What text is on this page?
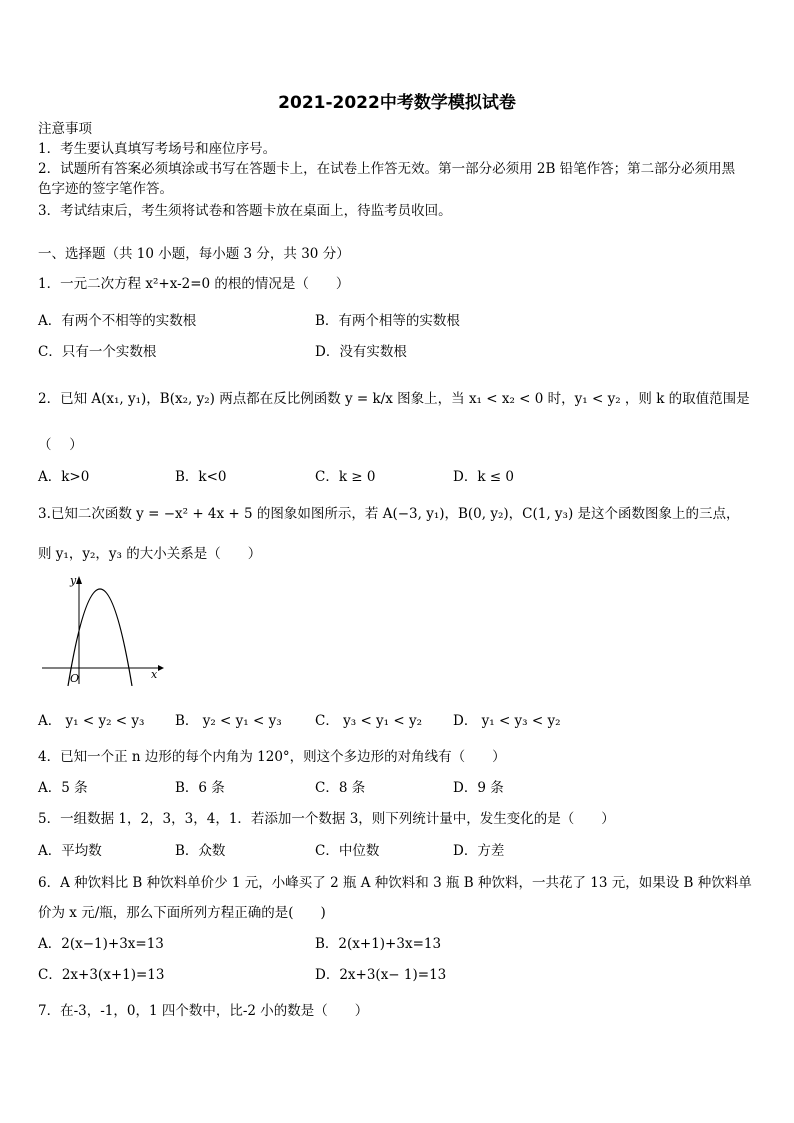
2021-2022中考数学模拟试卷
注意事项
1．考生要认真填写考场号和座位序号。
2．试题所有答案必须填涂或书写在答题卡上，在试卷上作答无效。第一部分必须用 2B 铅笔作答；第二部分必须用黑
色字迹的签字笔作答。
3．考试结束后，考生须将试卷和答题卡放在桌面上，待监考员收回。
一、选择题（共 10 小题，每小题 3 分，共 30 分）
1．一元二次方程 x²+x-2=0 的根的情况是（　　）
A．有两个不相等的实数根	B．有两个相等的实数根
C．只有一个实数根	D．没有实数根
2．已知 A(x₁, y₁)，B(x₂, y₂) 两点都在反比例函数 y = k/x 图象上，当 x₁ < x₂ < 0 时，y₁ < y₂ ，则 k 的取值范围是
（　 ）
A．k>0	B．k<0	C．k ≥ 0	D．k ≤ 0
3.已知二次函数 y = −x² + 4x + 5 的图象如图所示，若 A(−3, y₁)，B(0, y₂)，C(1, y₃) 是这个函数图象上的三点，
则 y₁，y₂，y₃ 的大小关系是（　　）
y
x
O
A． y₁ < y₂ < y₃ B． y₂ < y₁ < y₃ C． y₃ < y₁ < y₂ D． y₁ < y₃ < y₂
4．已知一个正 n 边形的每个内角为 120°，则这个多边形的对角线有（　　）
A．5 条	B．6 条	C．8 条	D．9 条
5．一组数据 1，2，3，3，4，1．若添加一个数据 3，则下列统计量中，发生变化的是（　　）
A．平均数	B．众数	C．中位数	D．方差
6．A 种饮料比 B 种饮料单价少 1 元，小峰买了 2 瓶 A 种饮料和 3 瓶 B 种饮料，一共花了 13 元，如果设 B 种饮料单
价为 x 元/瓶，那么下面所列方程正确的是(　　)
A．2(x−1)+3x=13	B．2(x+1)+3x=13
C．2x+3(x+1)=13	D．2x+3(x− 1)=13
7．在-3，-1，0，1 四个数中，比-2 小的数是（　　）
